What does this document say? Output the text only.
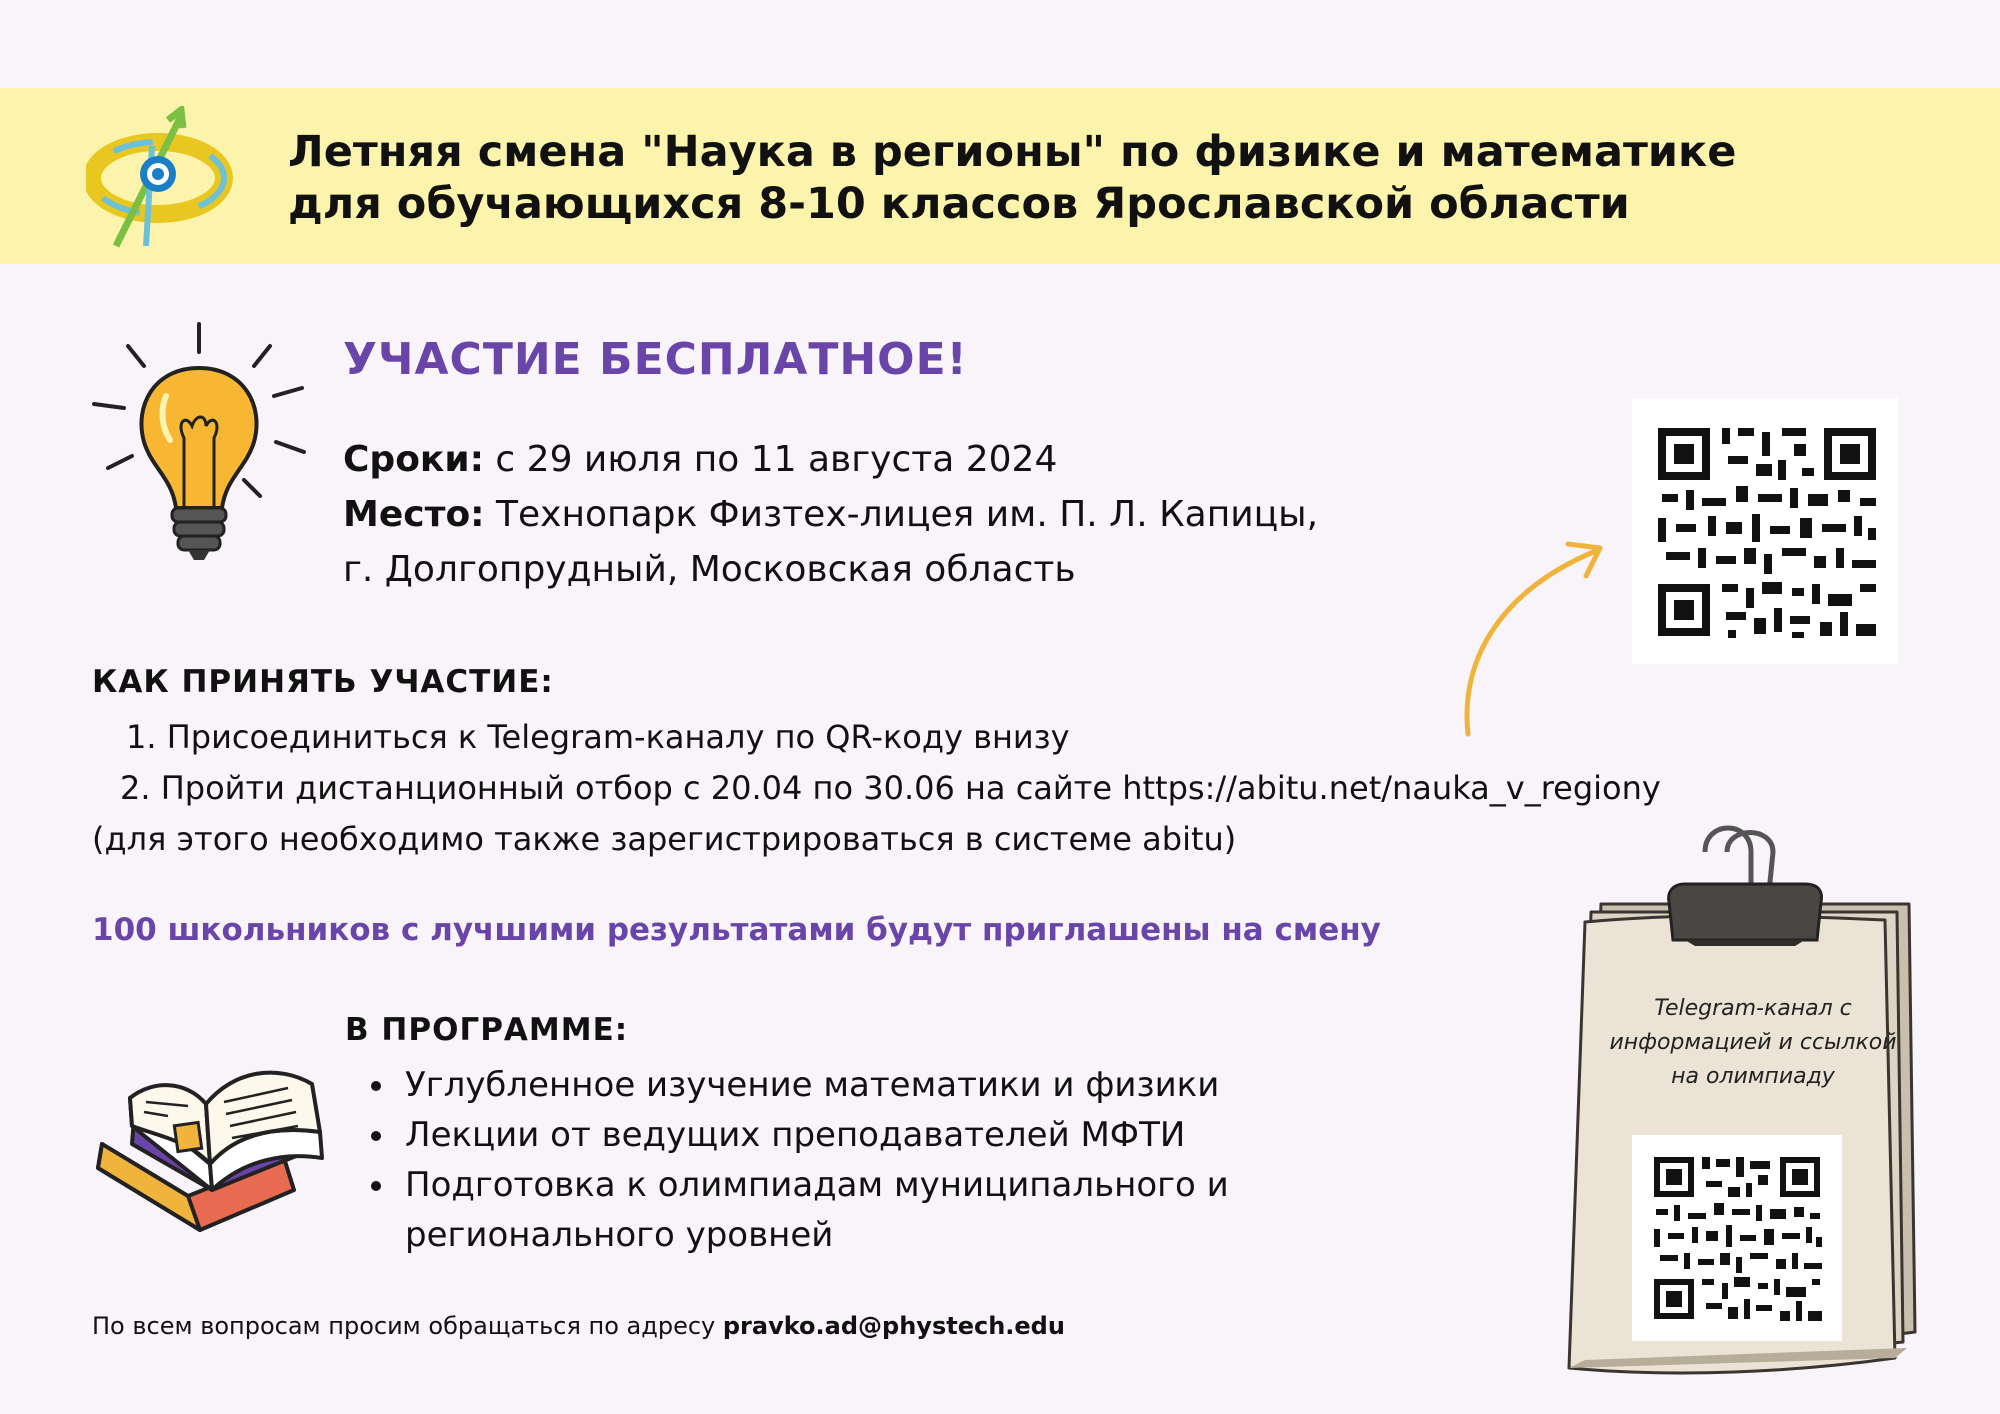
Летняя смена "Наука в регионы" по физике и математике
для обучающихся 8-10 классов Ярославской области
УЧАСТИЕ БЕСПЛАТНОЕ!
Сроки: с 29 июля по 11 августа 2024
Место: Технопарк Физтех-лицея им. П. Л. Капицы,
г. Долгопрудный, Московская область
КАК ПРИНЯТЬ УЧАСТИЕ:
1. Присоединиться к Telegram-каналу по QR-коду внизу
2. Пройти дистанционный отбор с 20.04 по 30.06 на сайте https://abitu.net/nauka_v_regiony
(для этого необходимо также зарегистрироваться в системе abitu)
100 школьников с лучшими результатами будут приглашены на смену
В ПРОГРАММЕ:
Углубленное изучение математики и физики
Лекции от ведущих преподавателей МФТИ
Подготовка к олимпиадам муниципального и
регионального уровней
По всем вопросам просим обращаться по адресу pravko.ad@phystech.edu
Telegram-канал с
информацией и ссылкой
на олимпиаду
